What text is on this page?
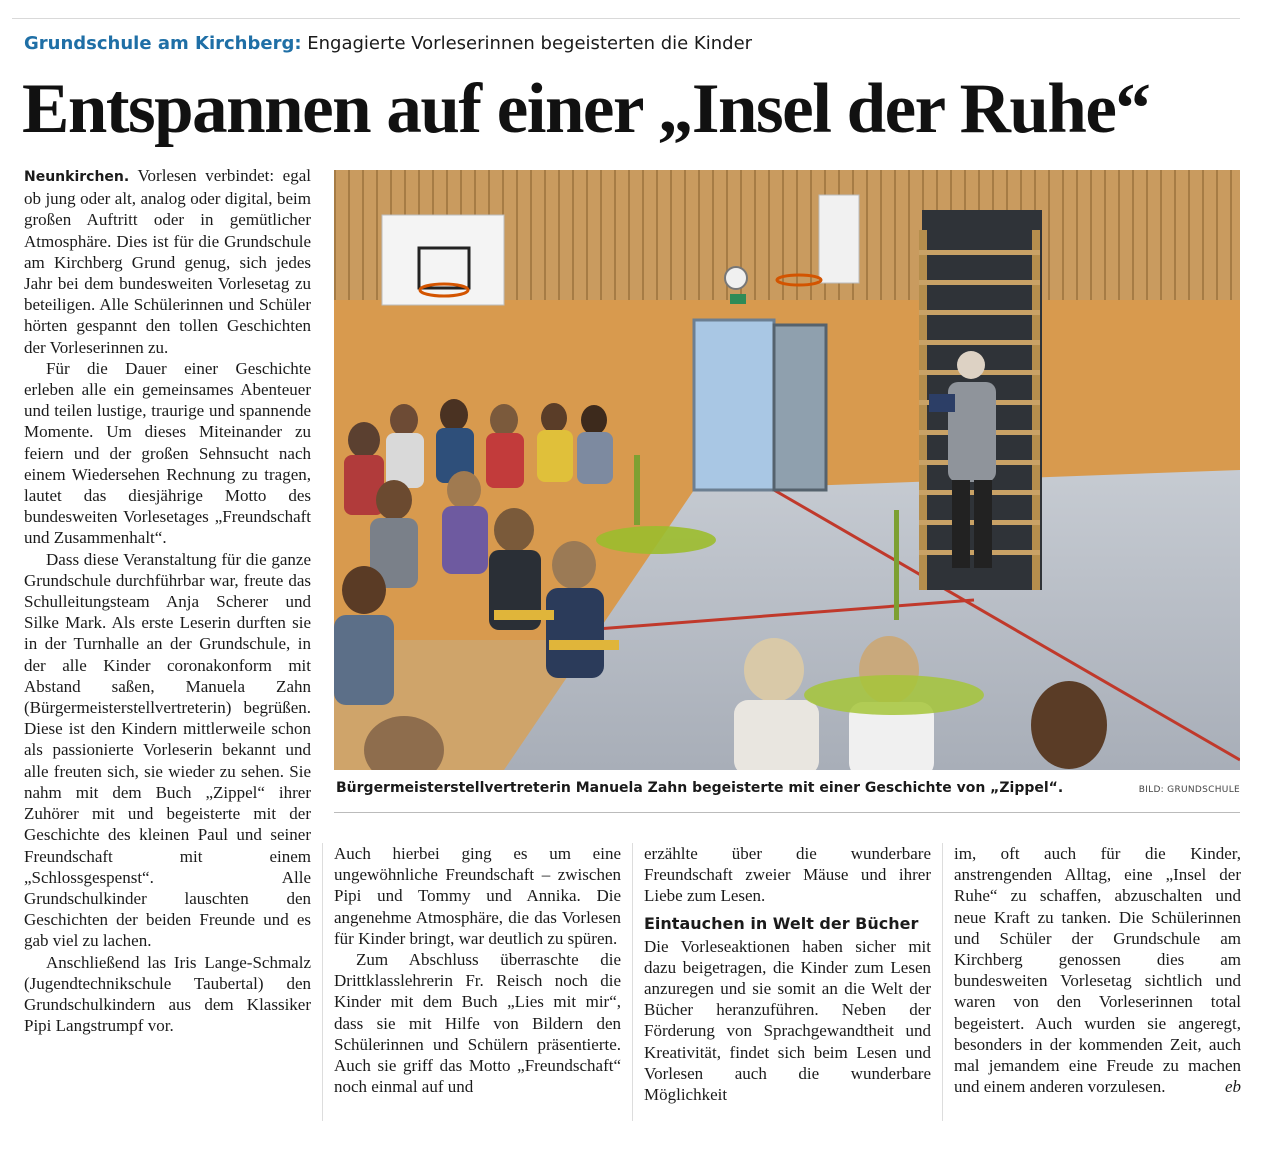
Grundschule am Kirchberg: Engagierte Vorleserinnen begeisterten die Kinder
Entspannen auf einer „Insel der Ruhe“

Neunkirchen. Vorlesen verbindet: egal ob jung oder alt, analog oder digital, beim großen Auftritt oder in gemütlicher Atmosphäre. Dies ist für die Grundschule am Kirchberg Grund genug, sich jedes Jahr bei dem bundesweiten Vorlesetag zu beteiligen. Alle Schülerinnen und Schüler hörten gespannt den tollen Geschichten der Vorleserinnen zu.

Für die Dauer einer Geschichte erleben alle ein gemeinsames Abenteuer und teilen lustige, traurige und spannende Momente. Um dieses Miteinander zu feiern und der großen Sehnsucht nach einem Wiedersehen Rechnung zu tragen, lautet das diesjährige Motto des bundesweiten Vorlesetages „Freundschaft und Zusammenhalt“.

Dass diese Veranstaltung für die ganze Grundschule durchführbar war, freute das Schulleitungsteam Anja Scherer und Silke Mark. Als erste Leserin durften sie in der Turnhalle an der Grundschule, in der alle Kinder coronakonform mit Abstand saßen, Manuela Zahn (Bürgermeisterstellvertreterin) begrüßen. Diese ist den Kindern mittlerweile schon als passionierte Vorleserin bekannt und alle freuten sich, sie wieder zu sehen. Sie nahm mit dem Buch „Zippel“ ihrer Zuhörer mit und begeisterte mit der Geschichte des kleinen Paul und seiner Freundschaft mit einem „Schlossgespenst“. Alle Grundschulkinder lauschten den Geschichten der beiden Freunde und es gab viel zu lachen.

Anschließend las Iris Lange-Schmalz (Jugendtechnikschule Taubertal) den Grundschulkindern aus dem Klassiker Pipi Langstrumpf vor.

Bürgermeisterstellvertreterin Manuela Zahn begeisterte mit einer Geschichte von „Zippel“.	BILD: GRUNDSCHULE

Auch hierbei ging es um eine ungewöhnliche Freundschaft – zwischen Pipi und Tommy und Annika. Die angenehme Atmosphäre, die das Vorlesen für Kinder bringt, war deutlich zu spüren.

Zum Abschluss überraschte die Drittklasslehrerin Fr. Reisch noch die Kinder mit dem Buch „Lies mit mir“, dass sie mit Hilfe von Bildern den Schülerinnen und Schülern präsentierte. Auch sie griff das Motto „Freundschaft“ noch einmal auf und

erzählte über die wunderbare Freundschaft zweier Mäuse und ihrer Liebe zum Lesen.

Eintauchen in Welt der Bücher

Die Vorleseaktionen haben sicher mit dazu beigetragen, die Kinder zum Lesen anzuregen und sie somit an die Welt der Bücher heranzuführen. Neben der Förderung von Sprachgewandtheit und Kreativität, findet sich beim Lesen und Vorlesen auch die wunderbare Möglichkeit

im, oft auch für die Kinder, anstrengenden Alltag, eine „Insel der Ruhe“ zu schaffen, abzuschalten und neue Kraft zu tanken. Die Schülerinnen und Schüler der Grundschule am Kirchberg genossen dies am bundesweiten Vorlesetag sichtlich und waren von den Vorleserinnen total begeistert. Auch wurden sie angeregt, besonders in der kommenden Zeit, auch mal jemandem eine Freude zu machen und einem anderen vorzulesen.	eb
